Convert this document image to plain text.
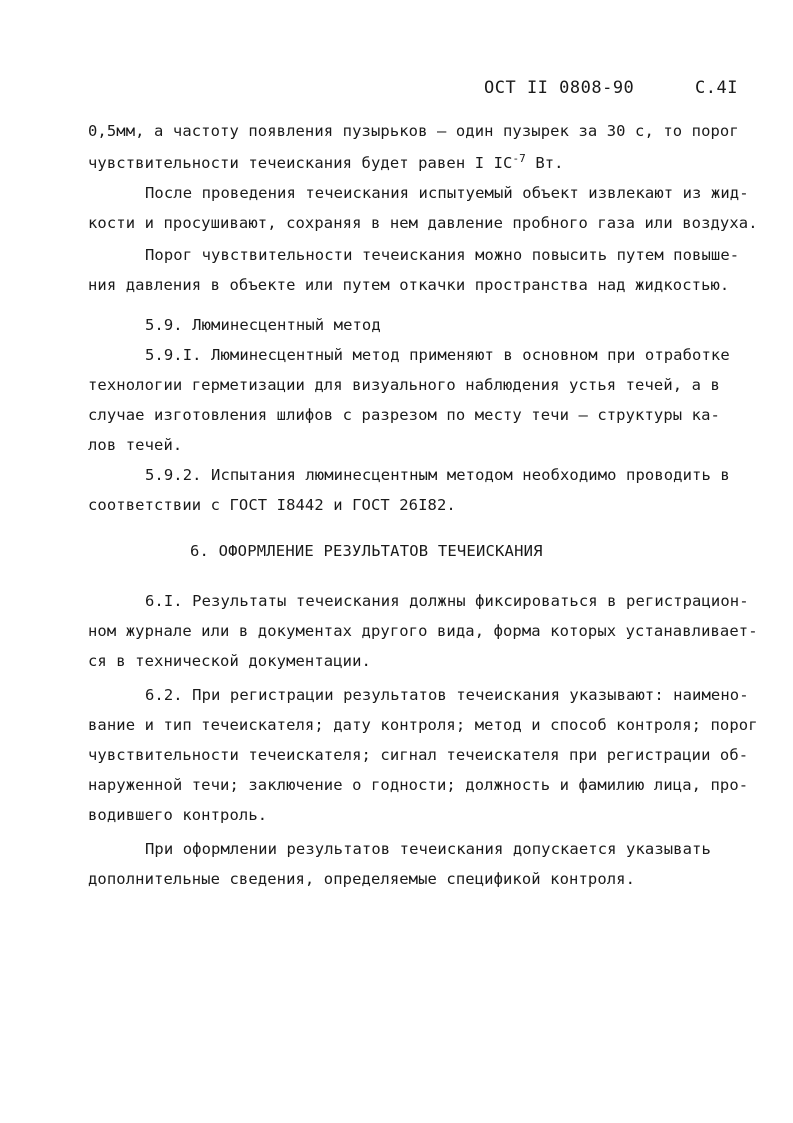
ОСТ II 0808-90	С.4I
0,5мм, а частоту появления пузырьков – один пузырек за 30 с, то порог
чувствительности течеискания будет равен I $IC^{-7}$ Вт.
После проведения течеискания испытуемый объект извлекают из жид-
кости и просушивают, сохраняя в нем давление пробного газа или воздуха.
Порог чувствительности течеискания можно повысить путем повыше-
ния давления в объекте или путем откачки пространства над жидкостью.
5.9. Люминесцентный метод
5.9.I. Люминесцентный метод применяют в основном при отработке
технологии герметизации для визуального наблюдения устья течей, а в
случае изготовления шлифов с разрезом по месту течи – структуры ка-
лов течей.
5.9.2. Испытания люминесцентным методом необходимо проводить в
соответствии с ГОСТ I8442 и ГОСТ 26I82.
6. ОФОРМЛЕНИЕ РЕЗУЛЬТАТОВ ТЕЧЕИСКАНИЯ
6.I. Результаты течеискания должны фиксироваться в регистрацион-
ном журнале или в документах другого вида, форма которых устанавливает-
ся в технической документации.
6.2. При регистрации результатов течеискания указывают: наимено-
вание и тип течеискателя; дату контроля; метод и способ контроля; порог
чувствительности течеискателя; сигнал течеискателя при регистрации об-
наруженной течи; заключение о годности; должность и фамилию лица, про-
водившего контроль.
При оформлении результатов течеискания допускается указывать
дополнительные сведения, определяемые спецификой контроля.
